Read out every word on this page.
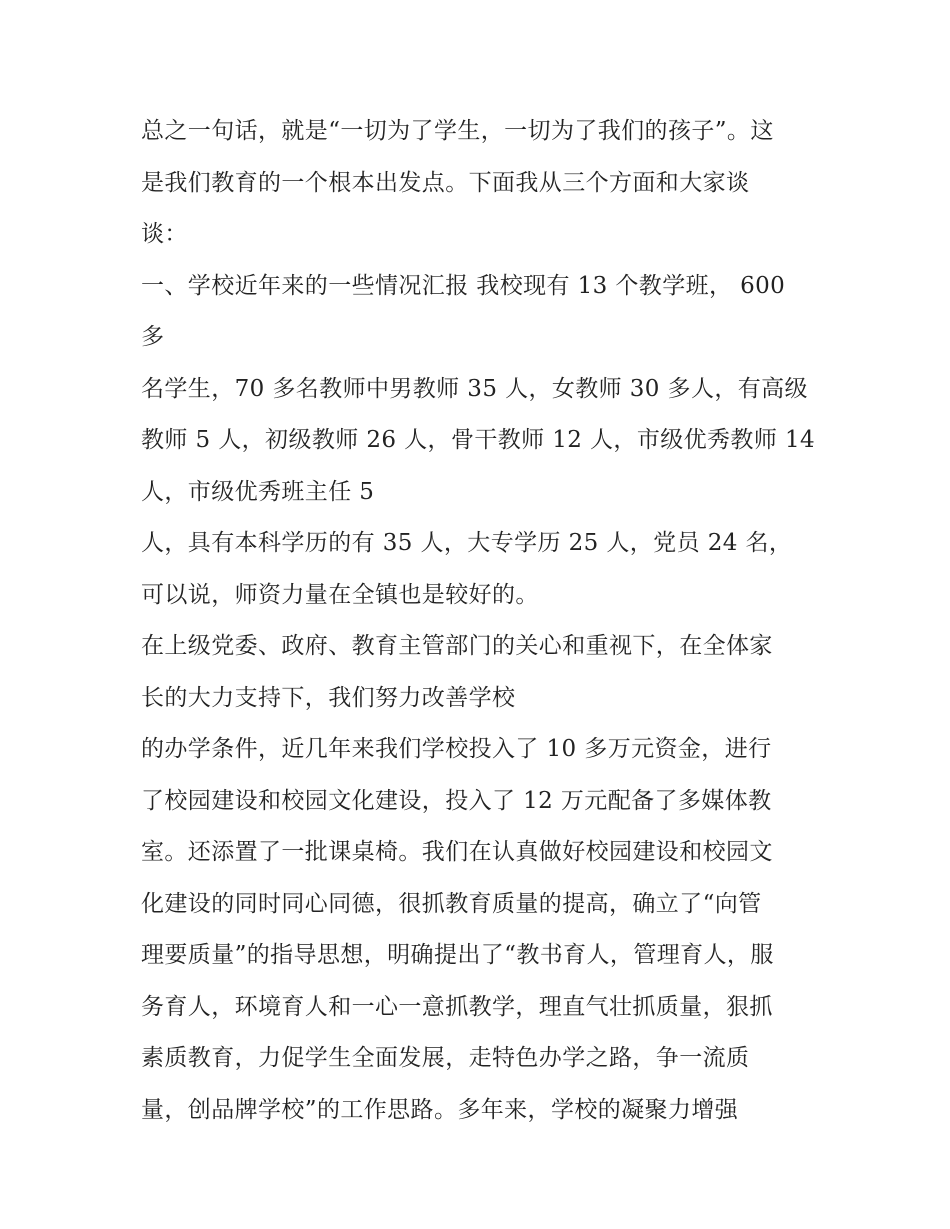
总之一句话，就是“一切为了学生，一切为了我们的孩子”。这
是我们教育的一个根本出发点。下面我从三个方面和大家谈
谈：
一、学校近年来的一些情况汇报 我校现有 13 个教学班， 600
多
名学生，70 多名教师中男教师 35 人，女教师 30 多人，有高级
教师 5 人，初级教师 26 人，骨干教师 12 人，市级优秀教师 14
人，市级优秀班主任 5
人，具有本科学历的有 35 人，大专学历 25 人，党员 24 名，
可以说，师资力量在全镇也是较好的。
在上级党委、政府、教育主管部门的关心和重视下，在全体家
长的大力支持下，我们努力改善学校
的办学条件，近几年来我们学校投入了 10 多万元资金，进行
了校园建设和校园文化建设，投入了 12 万元配备了多媒体教
室。还添置了一批课桌椅。我们在认真做好校园建设和校园文
化建设的同时同心同德，很抓教育质量的提高，确立了“向管
理要质量”的指导思想，明确提出了“教书育人，管理育人，服
务育人，环境育人和一心一意抓教学，理直气壮抓质量，狠抓
素质教育，力促学生全面发展，走特色办学之路，争一流质
量，创品牌学校”的工作思路。多年来，学校的凝聚力增强
